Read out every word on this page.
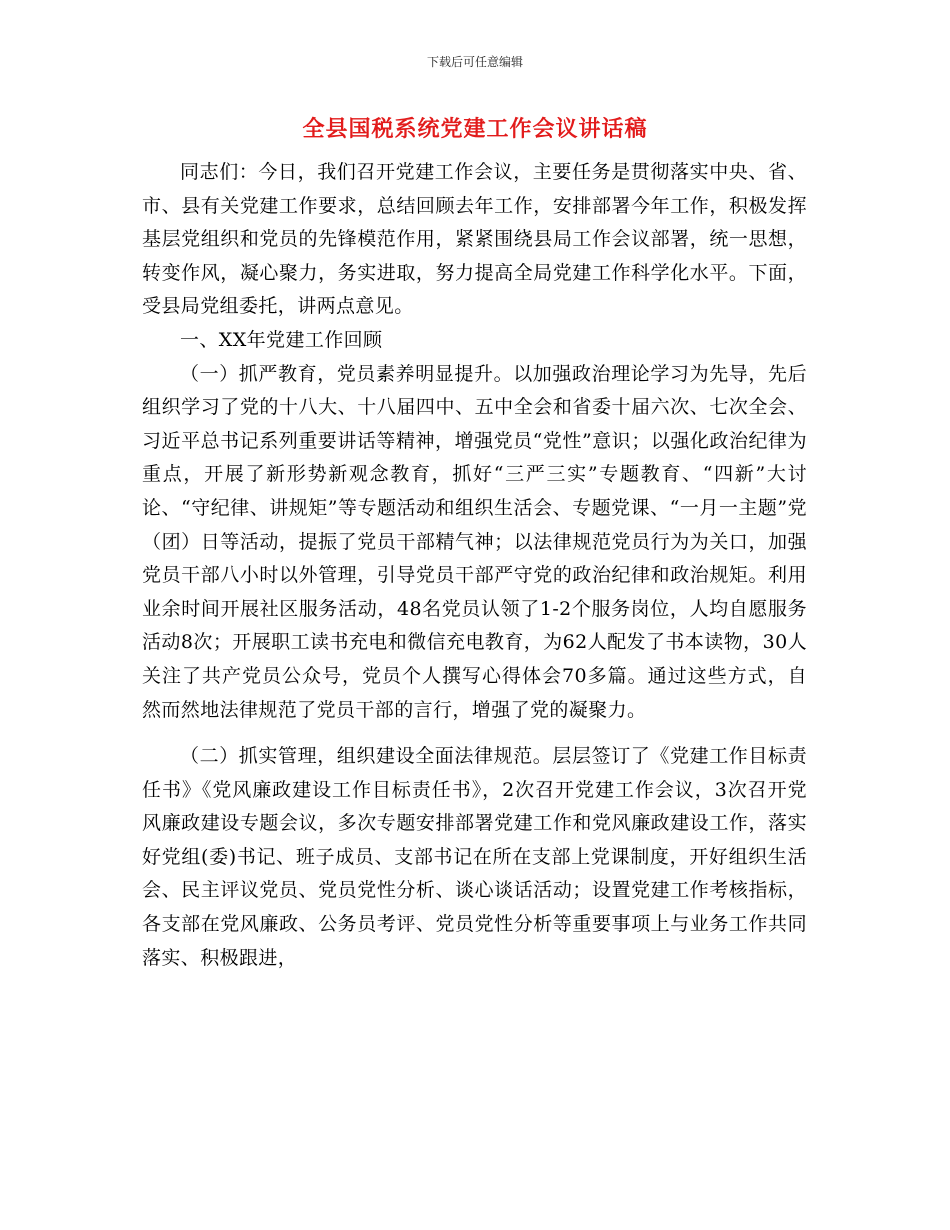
下载后可任意编辑
全县国税系统党建工作会议讲话稿

同志们：今日，我们召开党建工作会议，主要任务是贯彻落实中央、省、市、县有关党建工作要求，总结回顾去年工作，安排部署今年工作，积极发挥基层党组织和党员的先锋模范作用，紧紧围绕县局工作会议部署，统一思想，转变作风，凝心聚力，务实进取，努力提高全局党建工作科学化水平。下面，受县局党组委托，讲两点意见。

一、XX年党建工作回顾

（一）抓严教育，党员素养明显提升。以加强政治理论学习为先导，先后组织学习了党的十八大、十八届四中、五中全会和省委十届六次、七次全会、习近平总书记系列重要讲话等精神，增强党员“党性”意识；以强化政治纪律为重点，开展了新形势新观念教育，抓好“三严三实”专题教育、“四新”大讨论、“守纪律、讲规矩”等专题活动和组织生活会、专题党课、“一月一主题”党（团）日等活动，提振了党员干部精气神；以法律规范党员行为为关口，加强党员干部八小时以外管理，引导党员干部严守党的政治纪律和政治规矩。利用业余时间开展社区服务活动，48名党员认领了1-2个服务岗位，人均自愿服务活动8次；开展职工读书充电和微信充电教育，为62人配发了书本读物，30人关注了共产党员公众号，党员个人撰写心得体会70多篇。通过这些方式，自然而然地法律规范了党员干部的言行，增强了党的凝聚力。

（二）抓实管理，组织建设全面法律规范。层层签订了《党建工作目标责任书》《党风廉政建设工作目标责任书》，2次召开党建工作会议，3次召开党风廉政建设专题会议，多次专题安排部署党建工作和党风廉政建设工作，落实好党组(委)书记、班子成员、支部书记在所在支部上党课制度，开好组织生活会、民主评议党员、党员党性分析、谈心谈话活动；设置党建工作考核指标，各支部在党风廉政、公务员考评、党员党性分析等重要事项上与业务工作共同落实、积极跟进，
